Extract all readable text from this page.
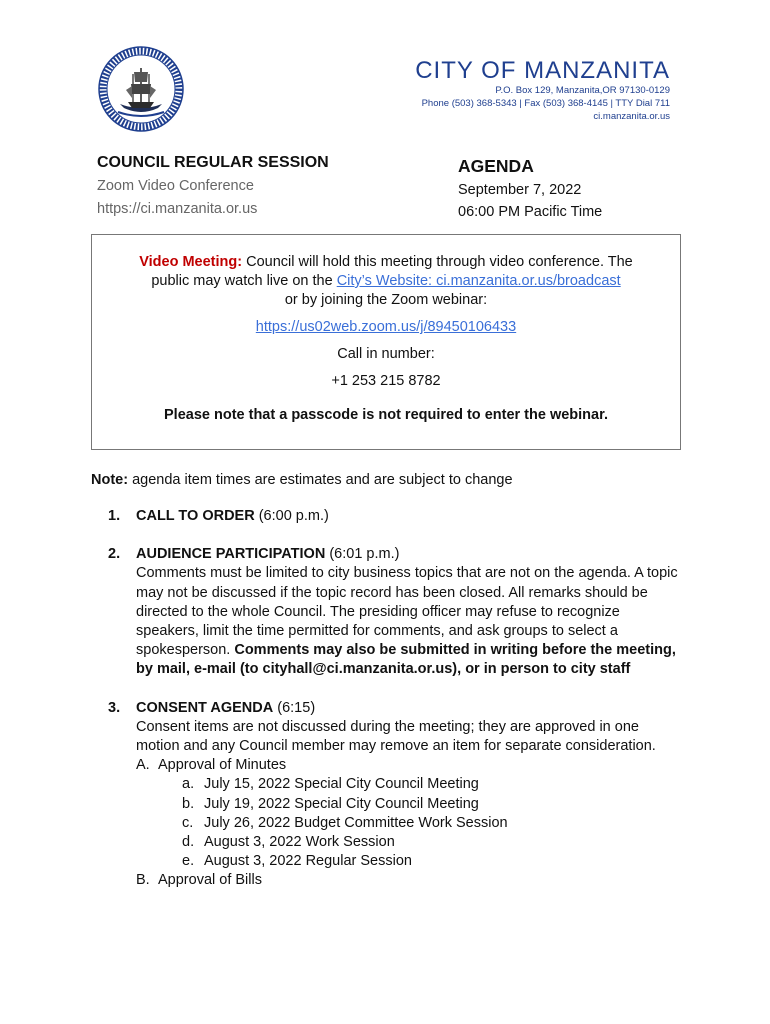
CITY OF MANZANITA
P.O. Box 129, Manzanita,OR 97130-0129
Phone (503) 368-5343 | Fax (503) 368-4145 | TTY Dial 711
ci.manzanita.or.us
COUNCIL REGULAR SESSION
Zoom Video Conference
https://ci.manzanita.or.us
AGENDA
September 7, 2022
06:00 PM Pacific Time

Video Meeting: Council will hold this meeting through video conference. The

public may watch live on the City’s Website: ci.manzanita.or.us/broadcast

or by joining the Zoom webinar:

https://us02web.zoom.us/j/89450106433

Call in number:

+1 253 215 8782

Please note that a passcode is not required to enter the webinar.

Note: agenda item times are estimates and are subject to change
1. CALL TO ORDER (6:00 p.m.)
2. AUDIENCE PARTICIPATION (6:01 p.m.)
Comments must be limited to city business topics that are not on the agenda. A topic may not be discussed if the topic record has been closed. All remarks should be directed to the whole Council. The presiding officer may refuse to recognize speakers, limit the time permitted for comments, and ask groups to select a spokesperson. Comments may also be submitted in writing before the meeting, by mail, e-mail (to cityhall@ci.manzanita.or.us), or in person to city staff
3. CONSENT AGENDA (6:15)
Consent items are not discussed during the meeting; they are approved in one motion and any Council member may remove an item for separate consideration.
A. Approval of Minutes
a. July 15, 2022 Special City Council Meeting
b. July 19, 2022 Special City Council Meeting
c. July 26, 2022 Budget Committee Work Session
d. August 3, 2022 Work Session
e. August 3, 2022 Regular Session
B. Approval of Bills
